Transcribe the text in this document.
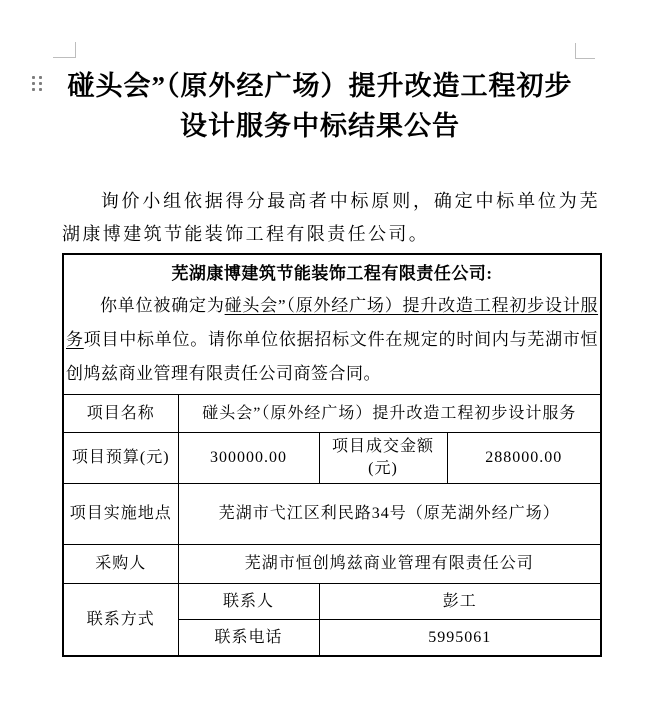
碰头会”（原外经广场）提升改造工程初步
设计服务中标结果公告

询价小组依据得分最高者中标原则，确定中标单位为芜湖康博建筑节能装饰工程有限责任公司。

芜湖康博建筑节能装饰工程有限责任公司:

你单位被确定为碰头会”（原外经广场）提升改造工程初步设计服务项目中标单位。请你单位依据招标文件在规定的时间内与芜湖市恒创鸠兹商业管理有限责任公司商签合同。			

项目名称	碰头会”（原外经广场）提升改造工程初步设计服务		
项目预算(元)	300000.00	项目成交金额(元)	288000.00
项目实施地点	芜湖市弋江区利民路34号（原芜湖外经广场）		
采购人	芜湖市恒创鸠兹商业管理有限责任公司		
联系方式	联系人	彭工	
	联系电话	5995061	
